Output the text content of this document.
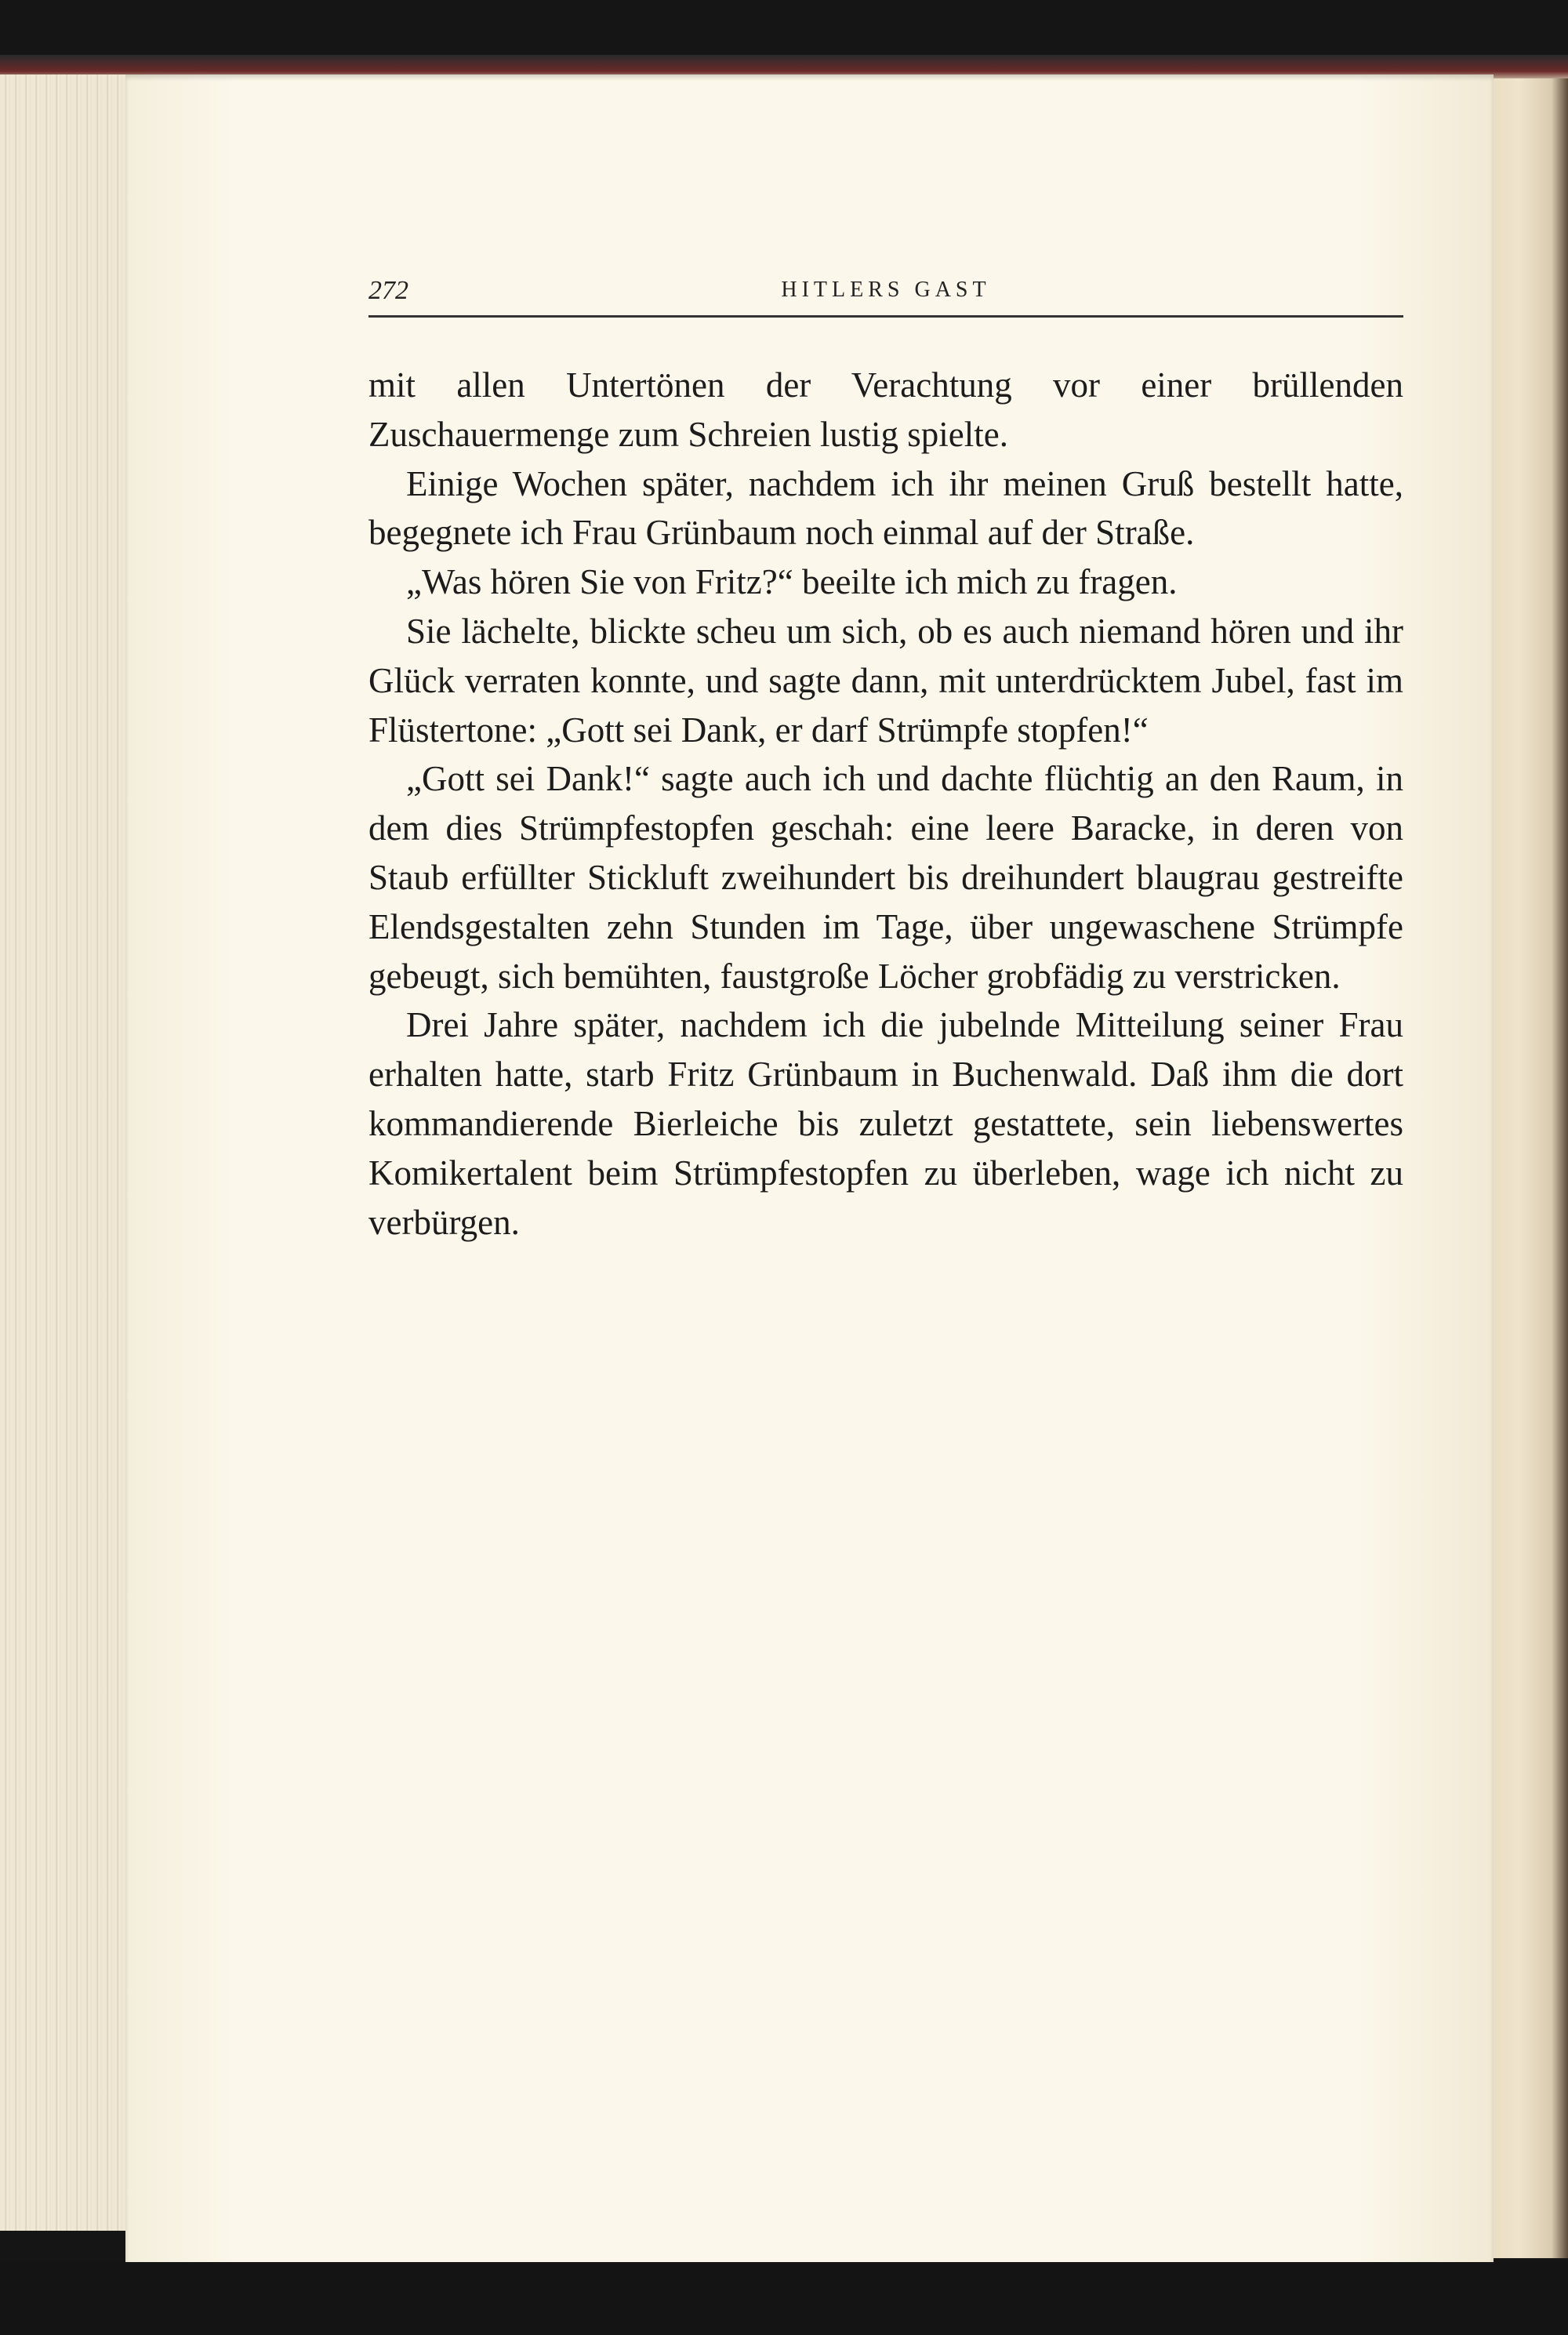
272	HITLERS GAST

mit allen Untertönen der Verachtung vor einer brüllenden Zuschauermenge zum Schreien lustig spielte.

Einige Wochen später, nachdem ich ihr meinen Gruß bestellt hatte, begegnete ich Frau Grünbaum noch einmal auf der Straße.

„Was hören Sie von Fritz?“ beeilte ich mich zu fragen.

Sie lächelte, blickte scheu um sich, ob es auch niemand hören und ihr Glück verraten konnte, und sagte dann, mit unterdrücktem Jubel, fast im Flüstertone: „Gott sei Dank, er darf Strümpfe stopfen!“

„Gott sei Dank!“ sagte auch ich und dachte flüchtig an den Raum, in dem dies Strümpfestopfen geschah: eine leere Baracke, in deren von Staub erfüllter Stickluft zweihundert bis dreihundert blaugrau gestreifte Elendsgestalten zehn Stunden im Tage, über ungewaschene Strümpfe gebeugt, sich bemühten, faustgroße Löcher grobfädig zu verstricken.

Drei Jahre später, nachdem ich die jubelnde Mitteilung seiner Frau erhalten hatte, starb Fritz Grünbaum in Buchenwald. Daß ihm die dort kommandierende Bierleiche bis zuletzt gestattete, sein liebenswertes Komikertalent beim Strümpfestopfen zu überleben, wage ich nicht zu verbürgen.
